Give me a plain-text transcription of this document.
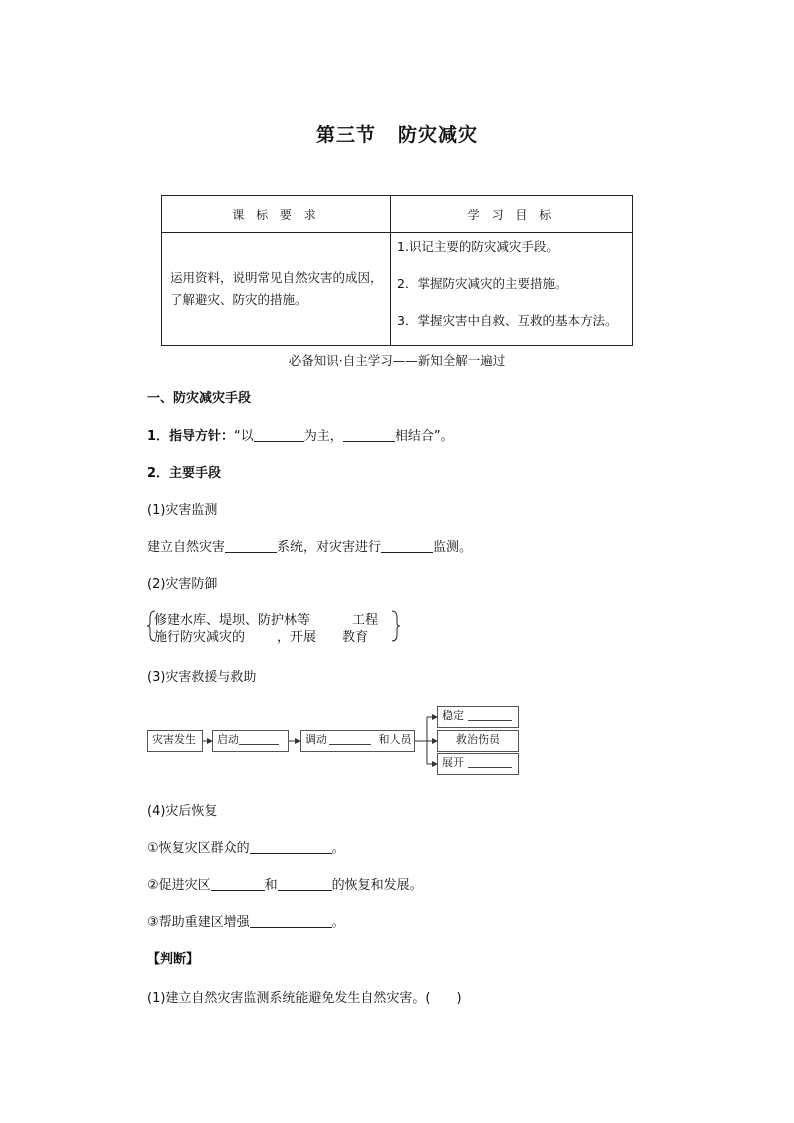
第三节 防灾减灾
课 标 要 求	学 习 目 标
运用资料，说明常见自然灾害的成因，了解避灾、防灾的措施。	1.识记主要的防灾减灾手段。
2．掌握防灾减灾的主要措施。
3．掌握灾害中自救、互救的基本方法。
必备知识·自主学习——新知全解一遍过
一、防灾减灾手段
1．指导方针：“以	为主，	相结合”。
2．主要手段
(1)灾害监测
建立自然灾害	系统，对灾害进行	监测。
(2)灾害防御
修建水库、堤坝、防护林等	工程
施行防灾减灾的 ，开展 教育
(3)灾害救援与救助
灾害发生	启动	调动	和人员
稳定
救治伤员
展开
(4)灾后恢复
①恢复灾区群众的	。
②促进灾区	和	的恢复和发展。
③帮助重建区增强	。
【判断】
(1)建立自然灾害监测系统能避免发生自然灾害。(　　)
